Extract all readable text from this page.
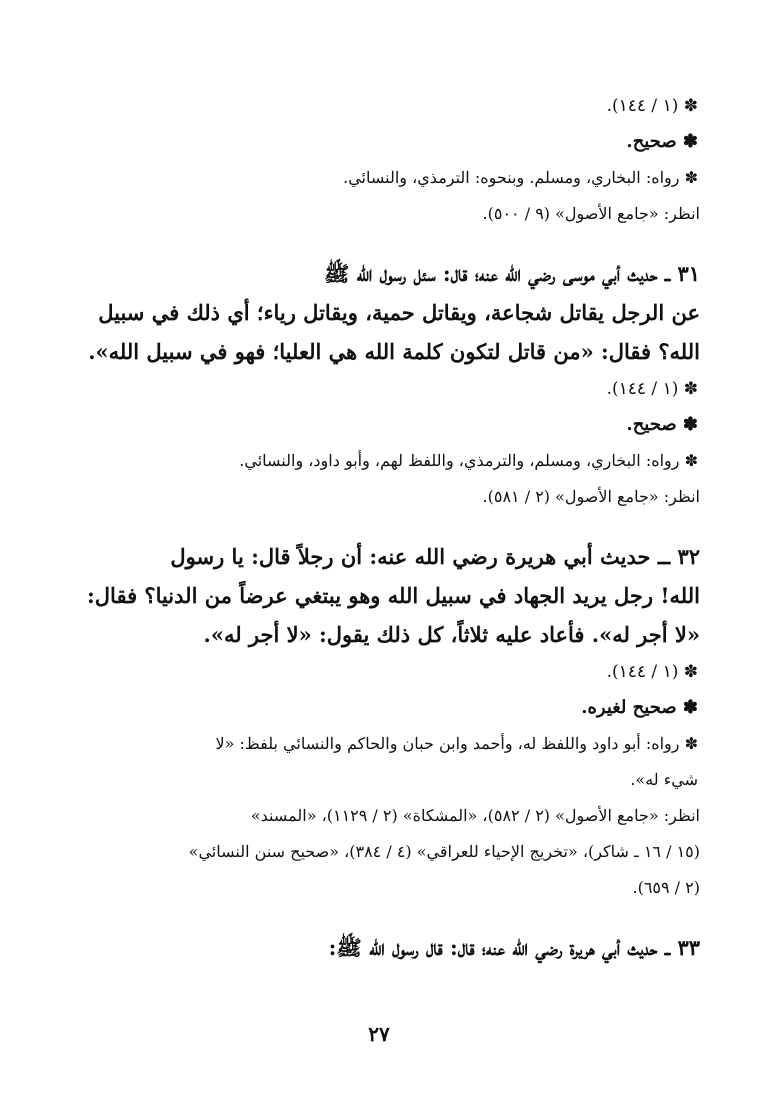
✽ (١ / ١٤٤).

✽ صحيح.

✽ رواه: البخاري، ومسلم. وبنحوه: الترمذي، والنسائي.

انظر: «جامع الأصول» (٩ / ٥٠٠).

٣١ ــ حديث أبي موسى رضي الله عنه؛ قال: سئل رسول الله ﷺ

عن الرجل يقاتل شجاعة، ويقاتل حمية، ويقاتل رياء؛ أي ذلك في سبيل

الله؟ فقال: «من قاتل لتكون كلمة الله هي العليا؛ فهو في سبيل الله».

✽ (١ / ١٤٤).

✽ صحيح.

✽ رواه: البخاري، ومسلم، والترمذي، واللفظ لهم، وأبو داود، والنسائي.

انظر: «جامع الأصول» (٢ / ٥٨١).

٣٢ ــ حديث أبي هريرة رضي الله عنه: أن رجلاً قال: يا رسول

الله! رجل يريد الجهاد في سبيل الله وهو يبتغي عرضاً من الدنيا؟ فقال:

«لا أجر له». فأعاد عليه ثلاثاً، كل ذلك يقول: «لا أجر له».

✽ (١ / ١٤٤).

✽ صحيح لغيره.

✽ رواه: أبو داود واللفظ له، وأحمد وابن حبان والحاكم والنسائي بلفظ: «لا

شيء له».

انظر: «جامع الأصول» (٢ / ٥٨٢)، «المشكاة» (٢ / ١١٢٩)، «المسند»

(١٥ / ١٦ ـ شاكر)، «تخريج الإحياء للعراقي» (٤ / ٣٨٤)، «صحيح سنن النسائي»

(٢ / ٦٥٩).

٣٣ ــ حديث أبي هريرة رضي الله عنه؛ قال: قال رسول الله ﷺ:

٢٧
